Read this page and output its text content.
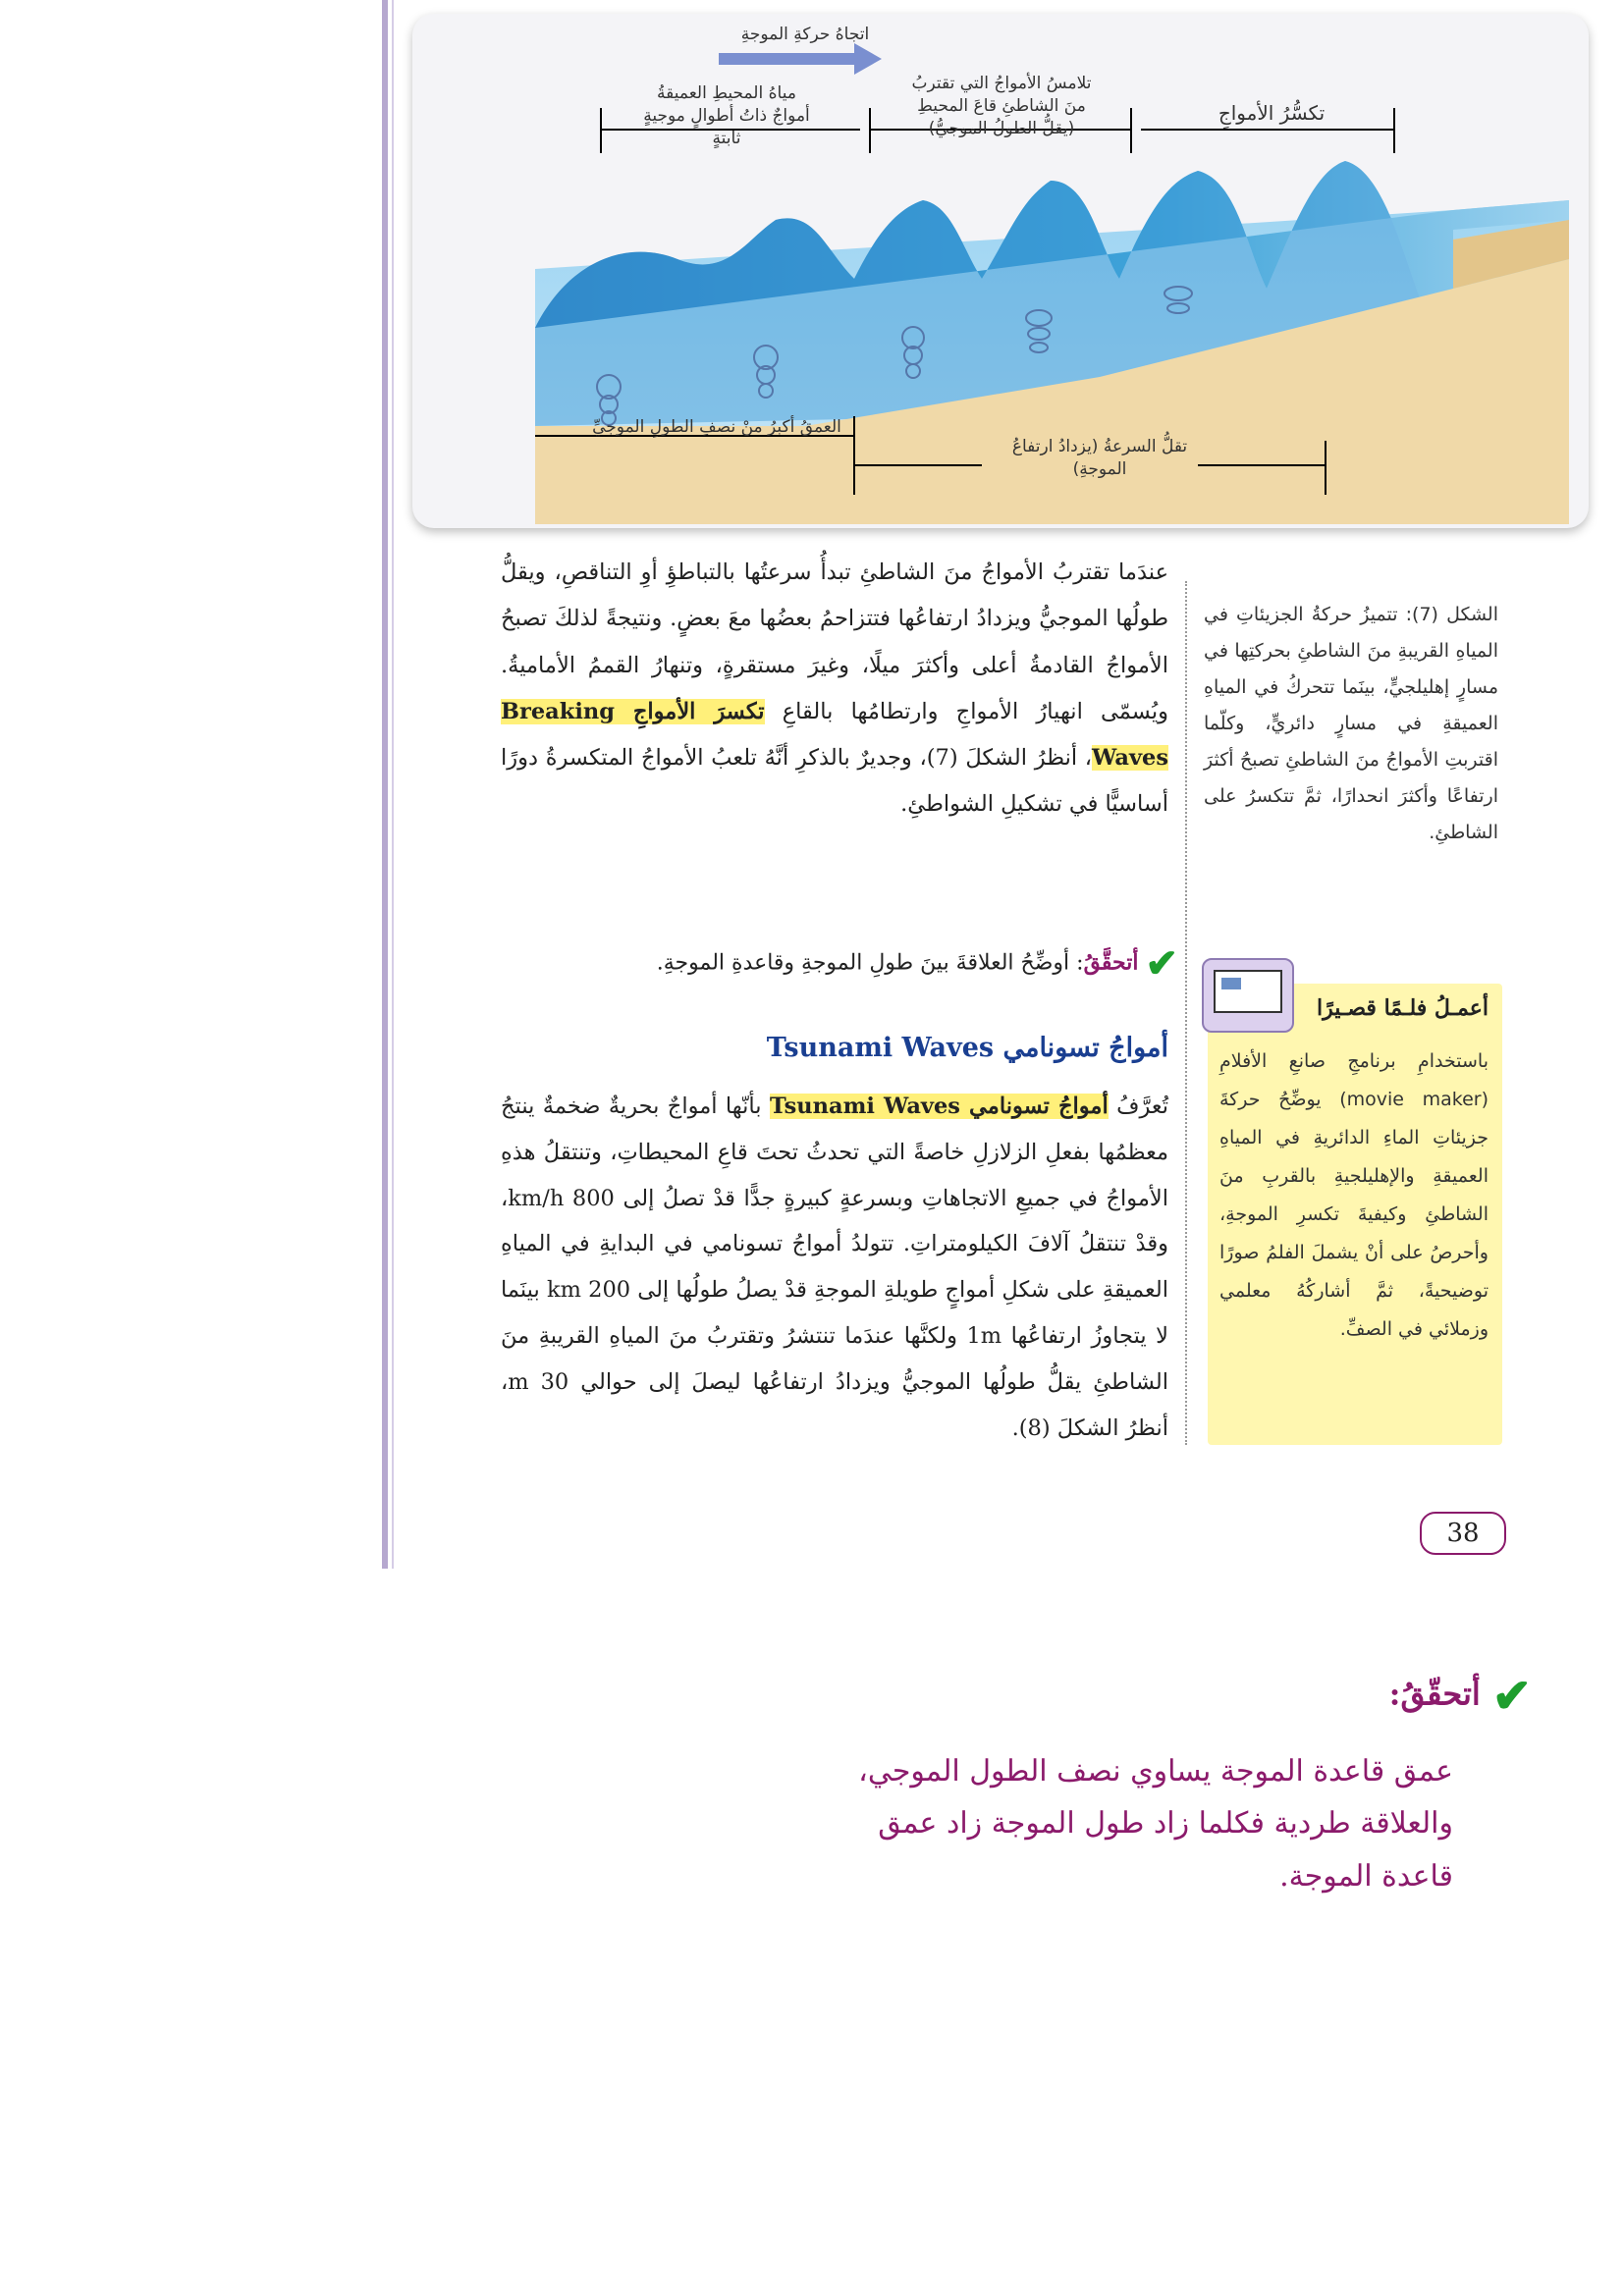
اتجاهُ حركةِ الموجةِ
مياهُ المحيطِ العميقةُ أمواجٌ ذاتُ أطوالٍ موجيةٍ ثابتةٍ
تلامسُ الأمواجُ التي تقتربُ منَ الشاطئِ قاعَ المحيطِ (يقلُّ الطولُ الموجيُّ)
تكسُّرُ الأمواجِ
العمقُ أكبرُ منْ نصفِ الطولِ الموجيِّ
تقلُّ السرعةُ (يزدادُ ارتفاعُ الموجةِ)
الشكل (7): تتميزُ حركةُ الجزيئاتِ في المياهِ القريبةِ منَ الشاطئِ بحركتِها في مسارٍ إهليلجيٍّ، بينَما تتحركُ في المياهِ العميقةِ في مسارٍ دائريٍّ، وكلّما اقتربتِ الأمواجُ منَ الشاطئِ تصبحُ أكثرَ ارتفاعًا وأكثرَ انحدارًا، ثمَّ تتكسرُ على الشاطئِ.
عندَما تقتربُ الأمواجُ منَ الشاطئِ تبدأُ سرعتُها بالتباطؤِ أوِ التناقصِ، ويقلُّ طولُها الموجيُّ ويزدادُ ارتفاعُها فتتزاحمُ بعضُها معَ بعضٍ. ونتيجةً لذلكَ تصبحُ الأمواجُ القادمةُ أعلى وأكثرَ ميلًا، وغيرَ مستقرةٍ، وتنهارُ القممُ الأماميةُ. ويُسمّى انهيارُ الأمواجِ وارتطامُها بالقاعِ تكسرَ الأمواجِ Breaking Waves، أنظرُ الشكلَ (7)، وجديرٌ بالذكرِ أنَّهُ تلعبُ الأمواجُ المتكسرةُ دورًا أساسيًّا في تشكيلِ الشواطئِ.
✔ أتحقَّقُ: أوضِّحُ العلاقةَ بينَ طولِ الموجةِ وقاعدةِ الموجةِ.
أمواجُ تسونامي Tsunami Waves
تُعرَّفُ أمواجُ تسونامي Tsunami Waves بأنّها أمواجٌ بحريةٌ ضخمةٌ ينتجُ معظمُها بفعلِ الزلازلِ خاصةً التي تحدثُ تحتَ قاعِ المحيطاتِ، وتنتقلُ هذهِ الأمواجُ في جميعِ الاتجاهاتِ وبسرعةٍ كبيرةٍ جدًّا قدْ تصلُ إلى 800 km/h، وقدْ تنتقلُ آلافَ الكيلومتراتِ. تتولدُ أمواجُ تسونامي في البدايةِ في المياهِ العميقةِ على شكلِ أمواجٍ طويلةِ الموجةِ قدْ يصلُ طولُها إلى 200 km بينَما لا يتجاوزُ ارتفاعُها 1m ولكنَّها عندَما تنتشرُ وتقتربُ منَ المياهِ القريبةِ منَ الشاطئِ يقلُّ طولُها الموجيُّ ويزدادُ ارتفاعُها ليصلَ إلى حوالي 30 m، أنظرُ الشكلَ (8).
أعمـلُ فلـمًا قصـيرًا
باستخدامِ برنامجِ صانعِ الأفلامِ (movie maker) يوضِّحُ حركةَ جزيئاتِ الماءِ الدائريةِ في المياهِ العميقةِ والإهليلجيةِ بالقربِ منَ الشاطئِ وكيفيةَ تكسرِ الموجةِ، وأحرصُ على أنْ يشملَ الفلمُ صورًا توضيحيةً، ثمَّ أشاركُهُ معلمي وزملائي في الصفِّ.
38
✔أتحقّقُ:
عمق قاعدة الموجة يساوي نصف الطول الموجي،
والعلاقة طردية فكلما زاد طول الموجة زاد عمق
قاعدة الموجة.
